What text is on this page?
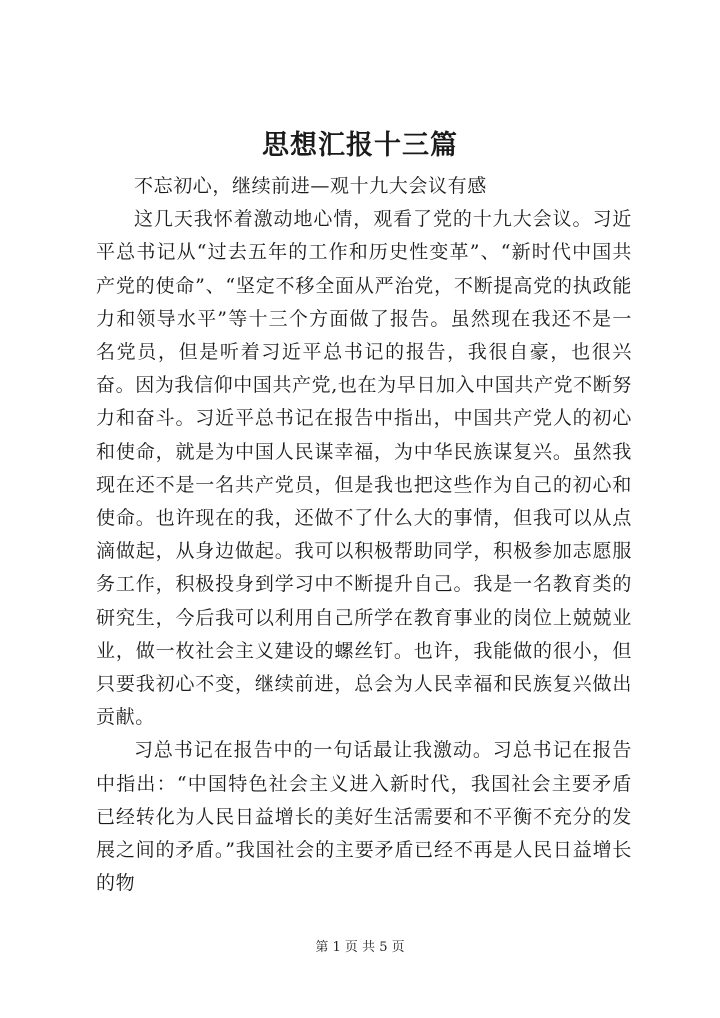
思想汇报十三篇

不忘初心，继续前进—观十九大会议有感

这几天我怀着激动地心情，观看了党的十九大会议。习近平总书记从“过去五年的工作和历史性变革”、“新时代中国共产党的使命”、“坚定不移全面从严治党，不断提高党的执政能力和领导水平”等十三个方面做了报告。虽然现在我还不是一名党员，但是听着习近平总书记的报告，我很自豪，也很兴奋。因为我信仰中国共产党,也在为早日加入中国共产党不断努力和奋斗。习近平总书记在报告中指出，中国共产党人的初心和使命，就是为中国人民谋幸福，为中华民族谋复兴。虽然我现在还不是一名共产党员，但是我也把这些作为自己的初心和使命。也许现在的我，还做不了什么大的事情，但我可以从点滴做起，从身边做起。我可以积极帮助同学，积极参加志愿服务工作，积极投身到学习中不断提升自己。我是一名教育类的研究生，今后我可以利用自己所学在教育事业的岗位上兢兢业业，做一枚社会主义建设的螺丝钉。也许，我能做的很小，但只要我初心不变，继续前进，总会为人民幸福和民族复兴做出贡献。

习总书记在报告中的一句话最让我激动。习总书记在报告中指出：“中国特色社会主义进入新时代，我国社会主要矛盾已经转化为人民日益增长的美好生活需要和不平衡不充分的发展之间的矛盾。”我国社会的主要矛盾已经不再是人民日益增长的物

第 1 页 共 5 页
